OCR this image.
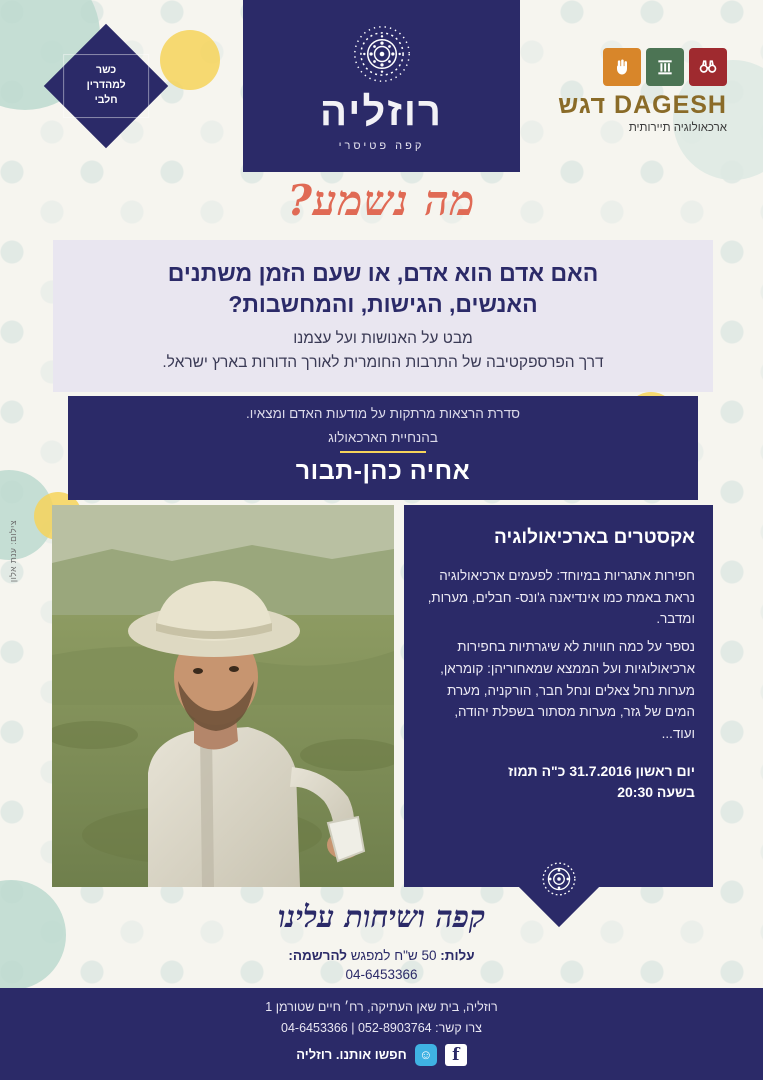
רוזליה
קפה פטיסרי
כשר
למהדרין
חלבי	DAGESH דגש
ארכאולוגיה תיירותית
מה נשמע?
האם אדם הוא אדם, או שעם הזמן משתנים
האנשים, הגישות, והמחשבות?
מבט על האנושות ועל עצמנו
דרך הפרספקטיבה של התרבות החומרית לאורך הדורות בארץ ישראל.
סדרת הרצאות מרתקות על מודעות האדם ומצאיו.
בהנחיית הארכאולוג
אחיה כהן-תבור
צילום: ענת אלון	אקסטרים בארכיאולוגיה
חפירות אתגריות במיוחד: לפעמים ארכיאולוגיה נראת באמת כמו אינדיאנה ג'ונס- חבלים, מערות, ומדבר.
נספר על כמה חוויות לא שיגרתיות בחפירות ארכיאולוגיות ועל הממצא שמאחוריהן: קומראן, מערות נחל צאלים ונחל חבר, הורקניה, מערת המים של גזר, מערות מסתור בשפלת יהודה, ועוד...
יום ראשון 31.7.2016 כ"ה תמוז
בשעה 20:30
קפה ושיחות עלינו
עלות: 50 ש"ח למפגש להרשמה:
04-6453366
רוזליה, בית שאן העתיקה, רח׳ חיים שטורמן 1
צרו קשר: 052-8903764 | 04-6453366
f
☺
חפשו אותנו. רוזליה
